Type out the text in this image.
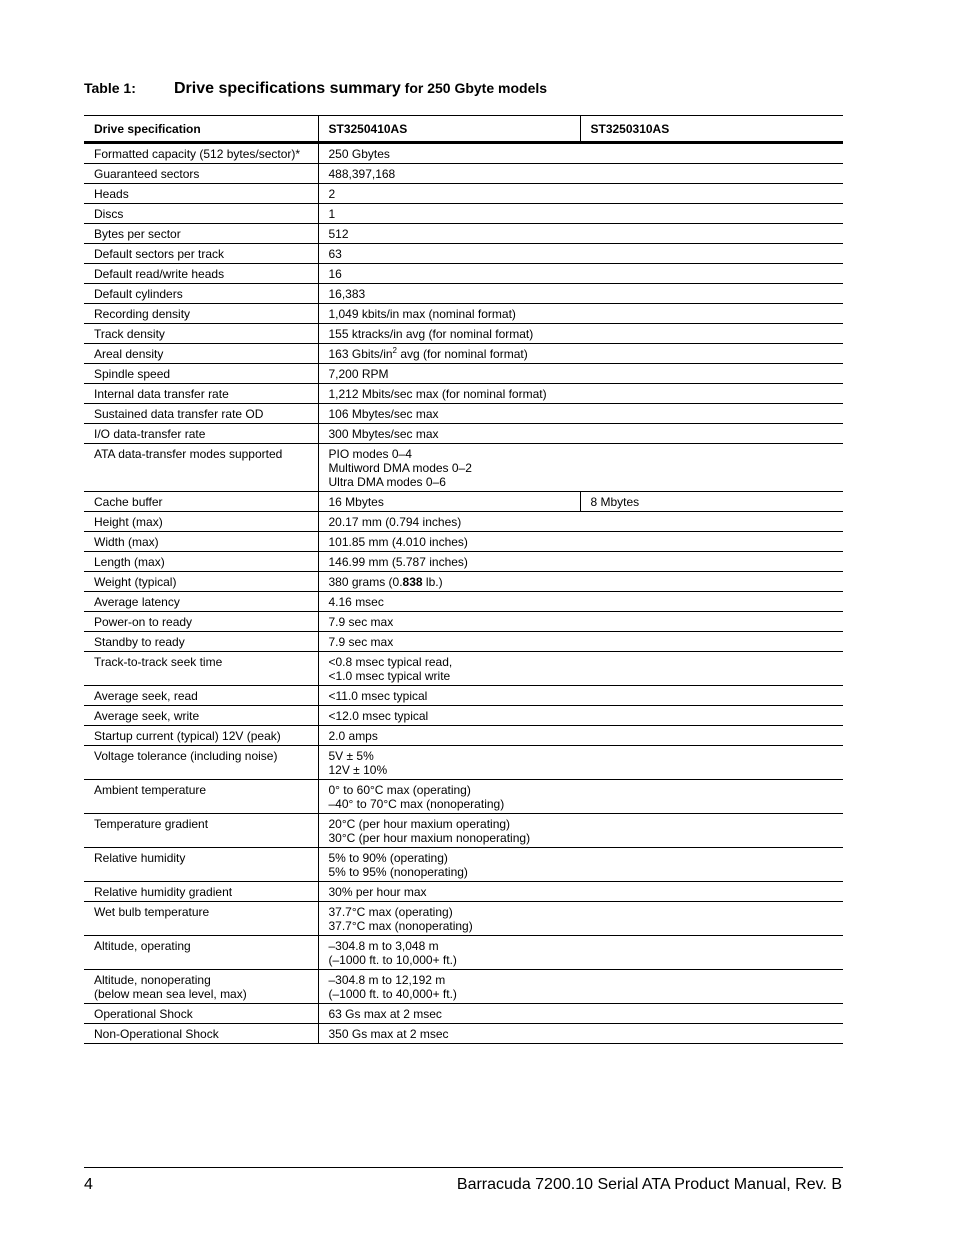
Table 1: Drive specifications summary for 250 Gbyte models
Drive specification	ST3250410AS	ST3250310AS

Formatted capacity (512 bytes/sector)*	250 Gbytes	

Guaranteed sectors	488,397,168	

Heads	2	

Discs	1	

Bytes per sector	512	

Default sectors per track	63	

Default read/write heads	16	

Default cylinders	16,383	

Recording density	1,049 kbits/in max (nominal format)	

Track density	155 ktracks/in avg (for nominal format)	

Areal density	163 Gbits/$in^2$ avg (for nominal format)	

Spindle speed	7,200 RPM	

Internal data transfer rate	1,212 Mbits/sec max (for nominal format)	

Sustained data transfer rate OD	106 Mbytes/sec max	

I/O data-transfer rate	300 Mbytes/sec max	

ATA data-transfer modes supported	PIO modes 0–4
Multiword DMA modes 0–2
Ultra DMA modes 0–6	

Cache buffer	16 Mbytes	8 Mbytes

Height (max)	20.17 mm (0.794 inches)	

Width (max)	101.85 mm (4.010 inches)	

Length (max)	146.99 mm (5.787 inches)	

Weight (typical)	380 grams (0.838 lb.)	

Average latency	4.16 msec	

Power-on to ready	7.9 sec max	

Standby to ready	7.9 sec max	

Track-to-track seek time	<0.8 msec typical read,
<1.0 msec typical write	

Average seek, read	<11.0 msec typical	

Average seek, write	<12.0 msec typical	

Startup current (typical) 12V (peak)	2.0 amps	

Voltage tolerance (including noise)	5V ± 5%
12V ± 10%	

Ambient temperature	0° to 60°C max (operating)
–40° to 70°C max (nonoperating)	

Temperature gradient	20°C (per hour maxium operating)
30°C (per hour maxium nonoperating)	

Relative humidity	5% to 90% (operating)
5% to 95% (nonoperating)	

Relative humidity gradient	30% per hour max	

Wet bulb temperature	37.7°C max (operating)
37.7°C max (nonoperating)	

Altitude, operating	–304.8 m to 3,048 m
(–1000 ft. to 10,000+ ft.)	

Altitude, nonoperating
(below mean sea level, max)	–304.8 m to 12,192 m
(–1000 ft. to 40,000+ ft.)	

Operational Shock	63 Gs max at 2 msec	

Non-Operational Shock	350 Gs max at 2 msec	
4	Barracuda 7200.10 Serial ATA Product Manual, Rev. B
